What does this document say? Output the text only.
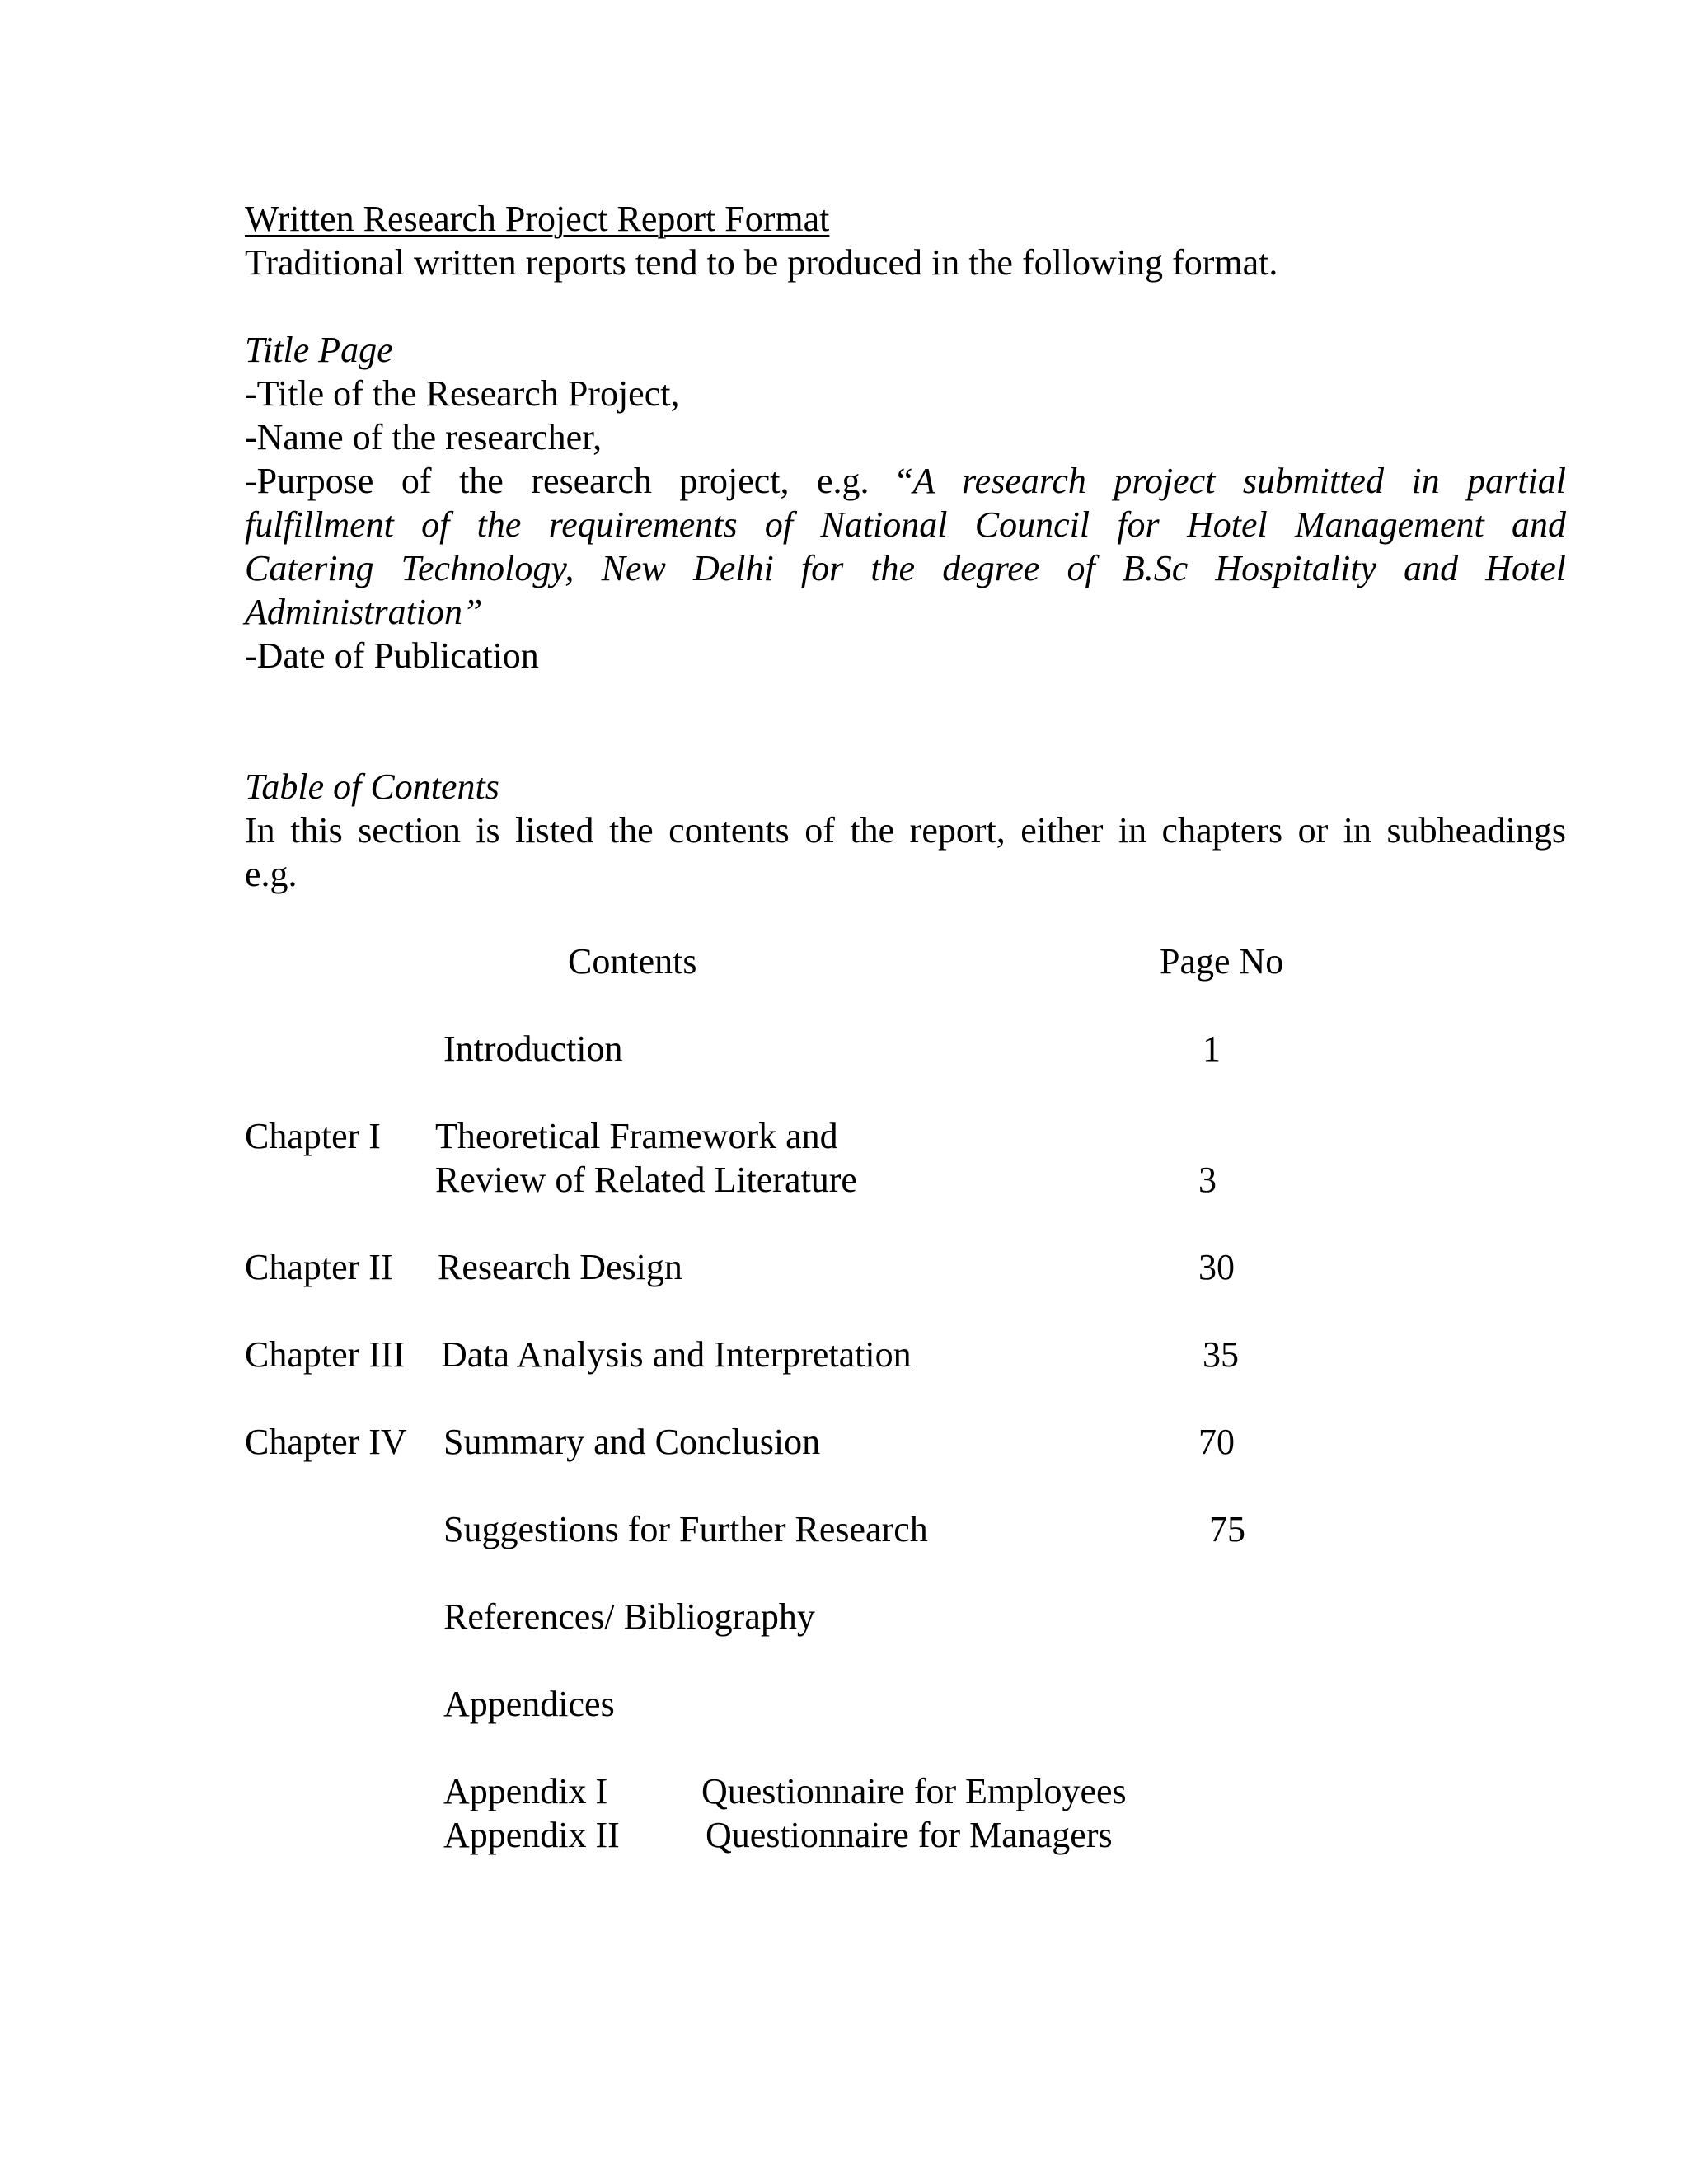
Written Research Project Report Format
Traditional written reports tend to be produced in the following format.
Title Page
-Title of the Research Project,
-Name of the researcher,
-Purpose of the research project, e.g. “A research project submitted in partial
fulfillment of the requirements of National Council for Hotel Management and
Catering Technology, New Delhi for the degree of B.Sc Hospitality and Hotel
Administration”
-Date of Publication
Table of Contents
In this section is listed the contents of the report, either in chapters or in subheadings
e.g.
Contents	Page No
Introduction	1
Chapter I Theoretical Framework and
Review of Related Literature	3
Chapter II Research Design	30
Chapter III Data Analysis and Interpretation	35
Chapter IV Summary and Conclusion	70
Suggestions for Further Research	75
References/ Bibliography
Appendices
Appendix I	Questionnaire for Employees
Appendix II Questionnaire for Managers
